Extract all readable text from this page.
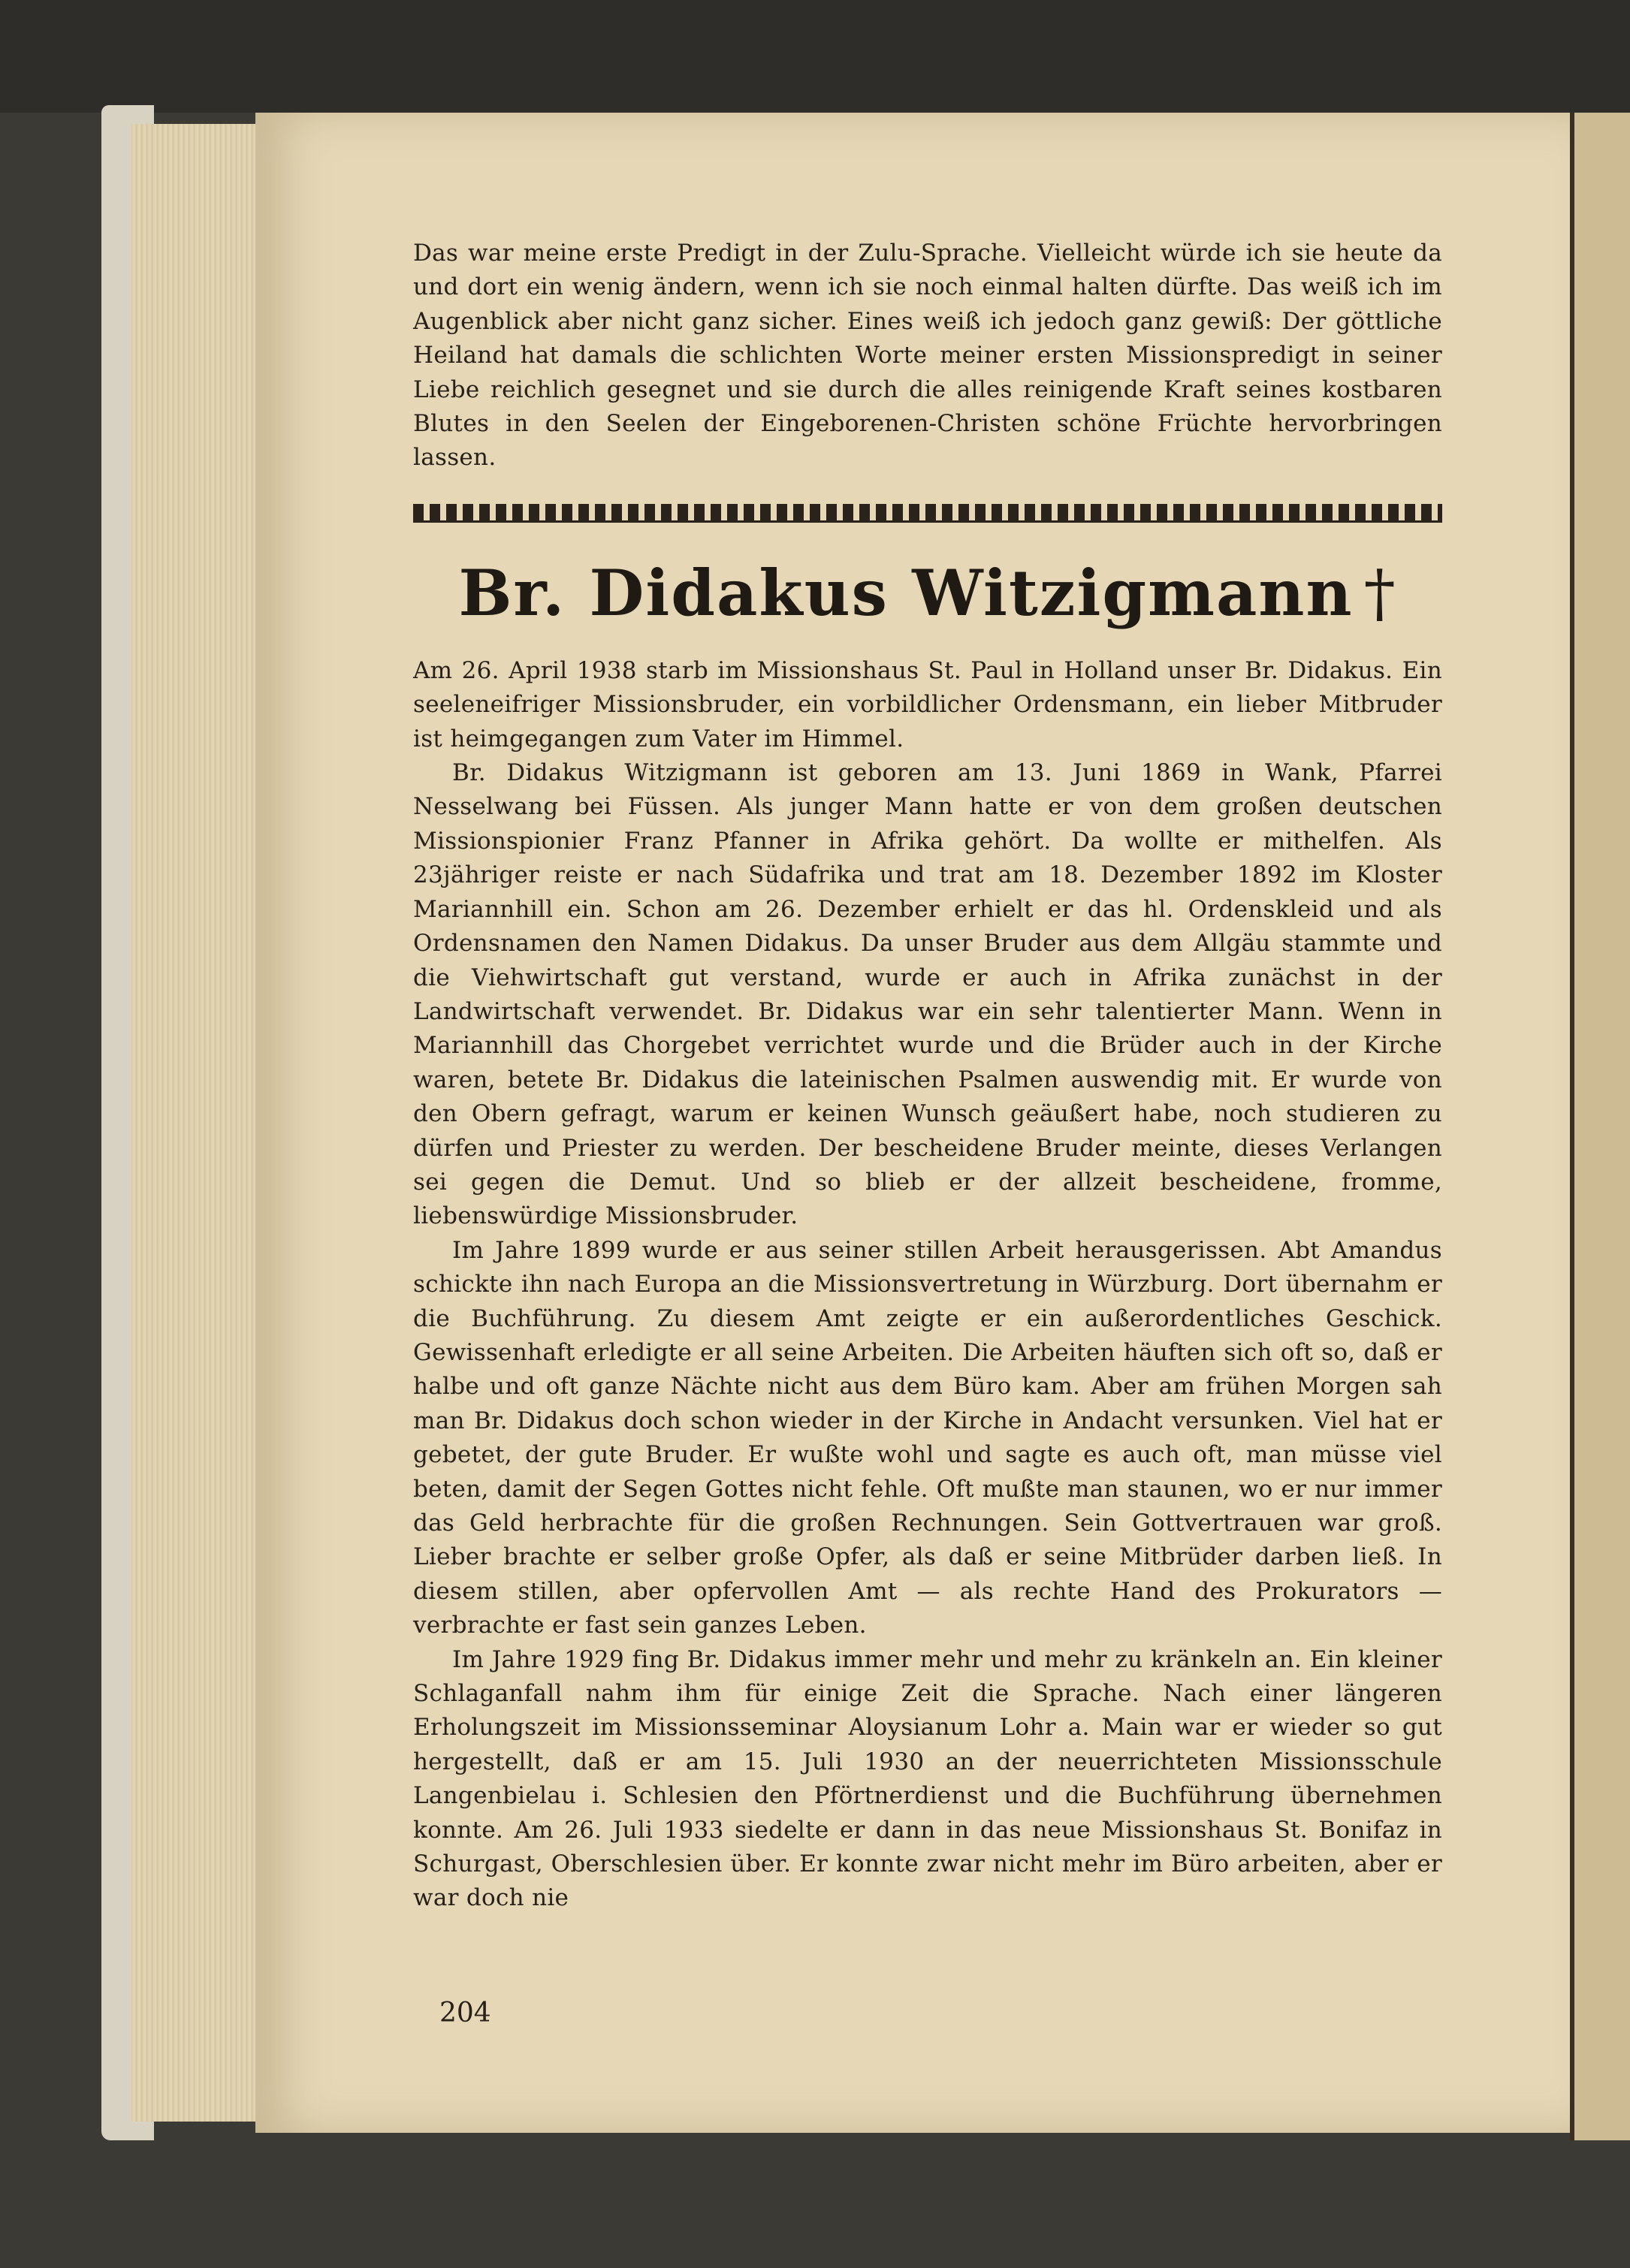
Das war meine erste Predigt in der Zulu-Sprache. Vielleicht würde ich sie heute da und dort ein wenig ändern, wenn ich sie noch einmal halten dürfte. Das weiß ich im Augenblick aber nicht ganz sicher. Eines weiß ich jedoch ganz gewiß: Der göttliche Heiland hat damals die schlichten Worte meiner ersten Missionspredigt in seiner Liebe reichlich gesegnet und sie durch die alles reinigende Kraft seines kostbaren Blutes in den Seelen der Eingeborenen-Christen schöne Früchte hervorbringen lassen.

Br. Didakus Witzigmann †

Am 26. April 1938 starb im Missionshaus St. Paul in Holland unser Br. Didakus. Ein seeleneifriger Missionsbruder, ein vorbildlicher Ordensmann, ein lieber Mitbruder ist heimgegangen zum Vater im Himmel.

Br. Didakus Witzigmann ist geboren am 13. Juni 1869 in Wank, Pfarrei Nesselwang bei Füssen. Als junger Mann hatte er von dem großen deutschen Missionspionier Franz Pfanner in Afrika gehört. Da wollte er mithelfen. Als 23jähriger reiste er nach Südafrika und trat am 18. Dezember 1892 im Kloster Mariannhill ein. Schon am 26. Dezember erhielt er das hl. Ordenskleid und als Ordensnamen den Namen Didakus. Da unser Bruder aus dem Allgäu stammte und die Viehwirtschaft gut verstand, wurde er auch in Afrika zunächst in der Landwirtschaft verwendet. Br. Didakus war ein sehr talentierter Mann. Wenn in Mariannhill das Chorgebet verrichtet wurde und die Brüder auch in der Kirche waren, betete Br. Didakus die lateinischen Psalmen auswendig mit. Er wurde von den Obern gefragt, warum er keinen Wunsch geäußert habe, noch studieren zu dürfen und Priester zu werden. Der bescheidene Bruder meinte, dieses Verlangen sei gegen die Demut. Und so blieb er der allzeit bescheidene, fromme, liebenswürdige Missionsbruder.

Im Jahre 1899 wurde er aus seiner stillen Arbeit herausgerissen. Abt Amandus schickte ihn nach Europa an die Missionsvertretung in Würzburg. Dort übernahm er die Buchführung. Zu diesem Amt zeigte er ein außerordentliches Geschick. Gewissenhaft erledigte er all seine Arbeiten. Die Arbeiten häuften sich oft so, daß er halbe und oft ganze Nächte nicht aus dem Büro kam. Aber am frühen Morgen sah man Br. Didakus doch schon wieder in der Kirche in Andacht versunken. Viel hat er gebetet, der gute Bruder. Er wußte wohl und sagte es auch oft, man müsse viel beten, damit der Segen Gottes nicht fehle. Oft mußte man staunen, wo er nur immer das Geld herbrachte für die großen Rechnungen. Sein Gottvertrauen war groß. Lieber brachte er selber große Opfer, als daß er seine Mitbrüder darben ließ. In diesem stillen, aber opfervollen Amt — als rechte Hand des Prokurators — verbrachte er fast sein ganzes Leben.

Im Jahre 1929 fing Br. Didakus immer mehr und mehr zu kränkeln an. Ein kleiner Schlaganfall nahm ihm für einige Zeit die Sprache. Nach einer längeren Erholungszeit im Missionsseminar Aloysianum Lohr a. Main war er wieder so gut hergestellt, daß er am 15. Juli 1930 an der neuerrichteten Missionsschule Langenbielau i. Schlesien den Pförtnerdienst und die Buchführung übernehmen konnte. Am 26. Juli 1933 siedelte er dann in das neue Missionshaus St. Bonifaz in Schurgast, Oberschlesien über. Er konnte zwar nicht mehr im Büro arbeiten, aber er war doch nie

204
